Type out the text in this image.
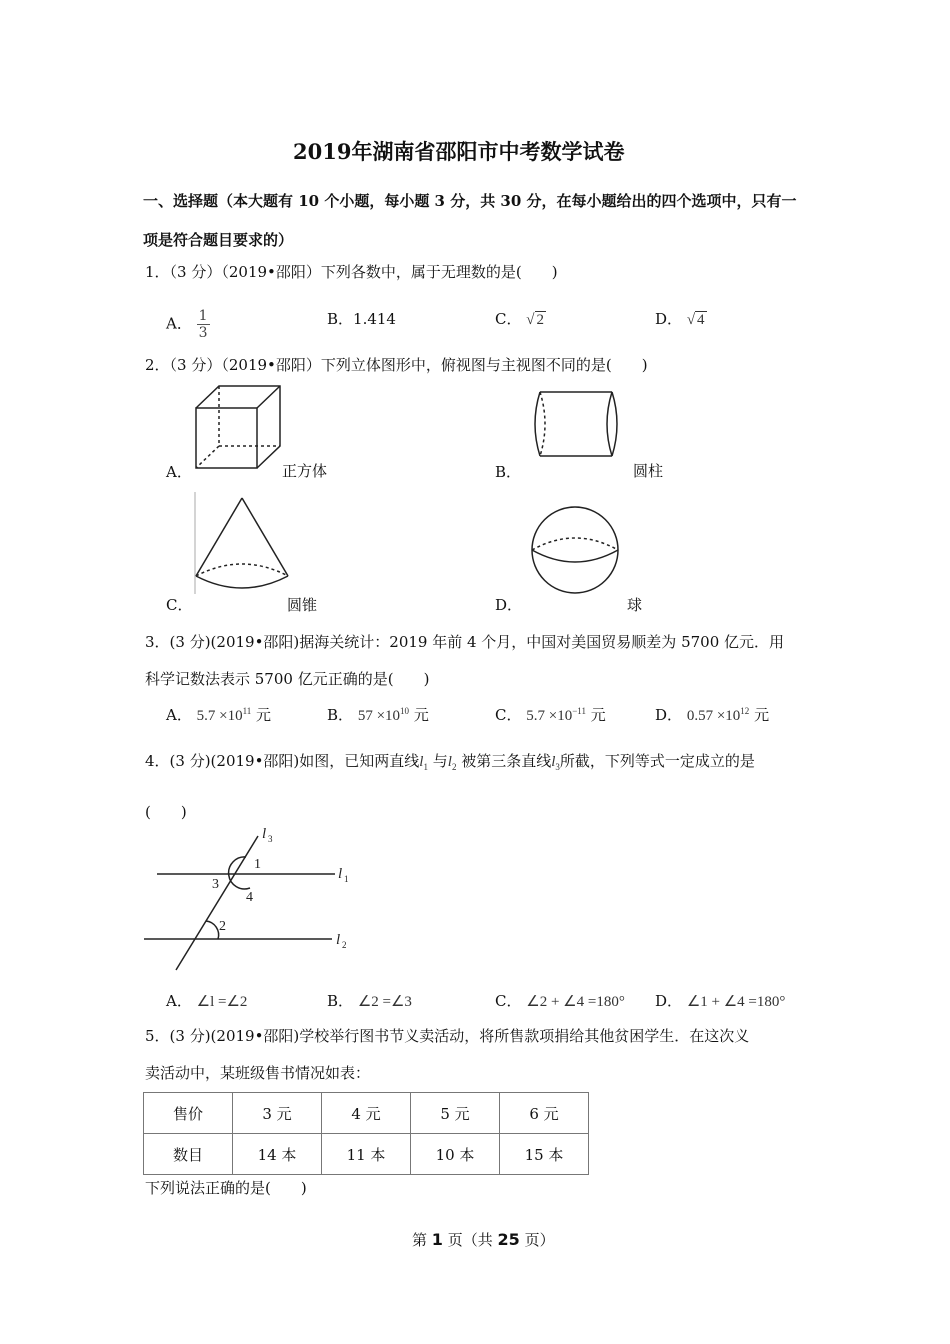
2019年湖南省邵阳市中考数学试卷
一、选择题（本大题有 10 个小题，每小题 3 分，共 30 分，在每小题给出的四个选项中，只有一
项是符合题目要求的）
1．（3 分）（2019•邵阳）下列各数中，属于无理数的是(　　)
A． $\frac{1}{3}$	B．1.414	C． √ 2	D． √ 4
2．（3 分）（2019•邵阳）下列立体图形中，俯视图与主视图不同的是(　　)
A．	正方体	B．	圆柱
C．	圆锥	D．	球
3．(3 分)(2019•邵阳)据海关统计：2019 年前 4 个月，中国对美国贸易顺差为 5700 亿元．用
科学记数法表示 5700 亿元正确的是(　　)
A． $5.7 \times 10^{11}$ 元	B． $57 \times 10^{10}$ 元	C． $5.7 \times 10^{-11}$ 元	D． $0.57 \times 10^{12}$ 元
4．(3 分)(2019•邵阳)如图，已知两直线$l_1$ 与$l_2$ 被第三条直线$l_3$所截，下列等式一定成立的是
(　　)
l 3
l 1
l 2
1
3
4
2
A． ∠l =∠2	B． ∠2 =∠3	C． ∠2 + ∠4 =180° D． ∠1 + ∠4 =180°
5．(3 分)(2019•邵阳)学校举行图书节义卖活动，将所售款项捐给其他贫困学生．在这次义
卖活动中，某班级售书情况如表：
售价	3 元	4 元	5 元	6 元
数目	14 本	11 本	10 本	15 本
下列说法正确的是(　　)
第 1 页（共 25 页）
